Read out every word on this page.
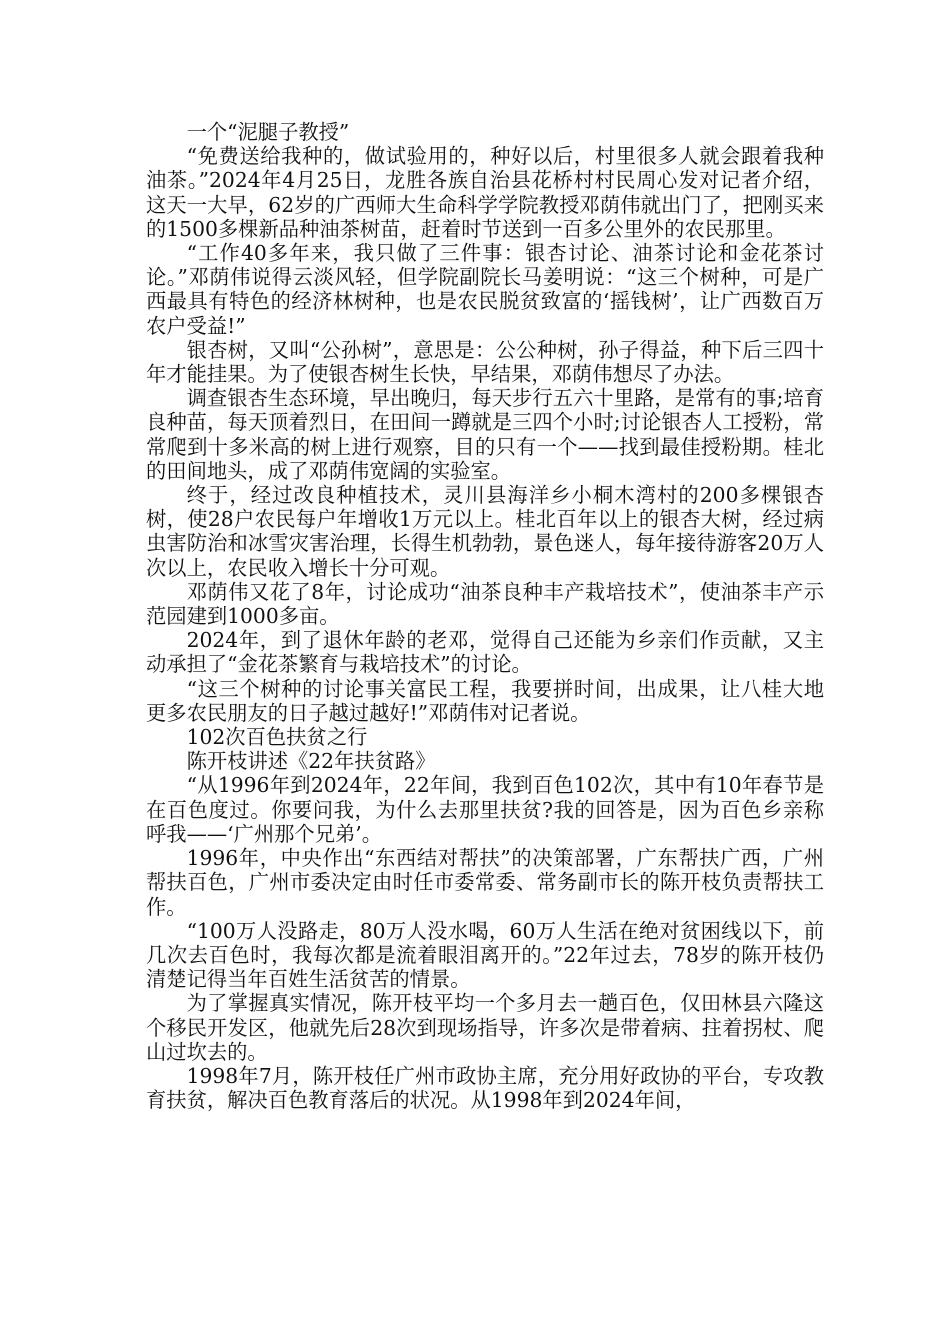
一个“泥腿子教授”

“免费送给我种的，做试验用的，种好以后，村里很多人就会跟着我种油茶。”2024年4月25日，龙胜各族自治县花桥村村民周心发对记者介绍，这天一大早，62岁的广西师大生命科学学院教授邓荫伟就出门了，把刚买来的1500多棵新品种油茶树苗，赶着时节送到一百多公里外的农民那里。

“工作40多年来，我只做了三件事：银杏讨论、油茶讨论和金花茶讨论。”邓荫伟说得云淡风轻，但学院副院长马姜明说：“这三个树种，可是广西最具有特色的经济林树种，也是农民脱贫致富的‘摇钱树’，让广西数百万农户受益!”

银杏树，又叫“公孙树”，意思是：公公种树，孙子得益，种下后三四十年才能挂果。为了使银杏树生长快，早结果，邓荫伟想尽了办法。

调查银杏生态环境，早出晚归，每天步行五六十里路，是常有的事;培育良种苗，每天顶着烈日，在田间一蹲就是三四个小时;讨论银杏人工授粉，常常爬到十多米高的树上进行观察，目的只有一个——找到最佳授粉期。桂北的田间地头，成了邓荫伟宽阔的实验室。

终于，经过改良种植技术，灵川县海洋乡小桐木湾村的200多棵银杏树，使28户农民每户年增收1万元以上。桂北百年以上的银杏大树，经过病虫害防治和冰雪灾害治理，长得生机勃勃，景色迷人，每年接待游客20万人次以上，农民收入增长十分可观。

邓荫伟又花了8年，讨论成功“油茶良种丰产栽培技术”，使油茶丰产示范园建到1000多亩。

2024年，到了退休年龄的老邓，觉得自己还能为乡亲们作贡献，又主动承担了“金花茶繁育与栽培技术”的讨论。

“这三个树种的讨论事关富民工程，我要拼时间，出成果，让八桂大地更多农民朋友的日子越过越好!”邓荫伟对记者说。

102次百色扶贫之行

陈开枝讲述《22年扶贫路》

“从1996年到2024年，22年间，我到百色102次，其中有10年春节是在百色度过。你要问我，为什么去那里扶贫?我的回答是，因为百色乡亲称呼我——‘广州那个兄弟’。

1996年，中央作出“东西结对帮扶”的决策部署，广东帮扶广西，广州帮扶百色，广州市委决定由时任市委常委、常务副市长的陈开枝负责帮扶工作。

“100万人没路走，80万人没水喝，60万人生活在绝对贫困线以下，前几次去百色时，我每次都是流着眼泪离开的。”22年过去，78岁的陈开枝仍清楚记得当年百姓生活贫苦的情景。

为了掌握真实情况，陈开枝平均一个多月去一趟百色，仅田林县六隆这个移民开发区，他就先后28次到现场指导，许多次是带着病、拄着拐杖、爬山过坎去的。

1998年7月，陈开枝任广州市政协主席，充分用好政协的平台，专攻教育扶贫，解决百色教育落后的状况。从1998年到2024年间，
